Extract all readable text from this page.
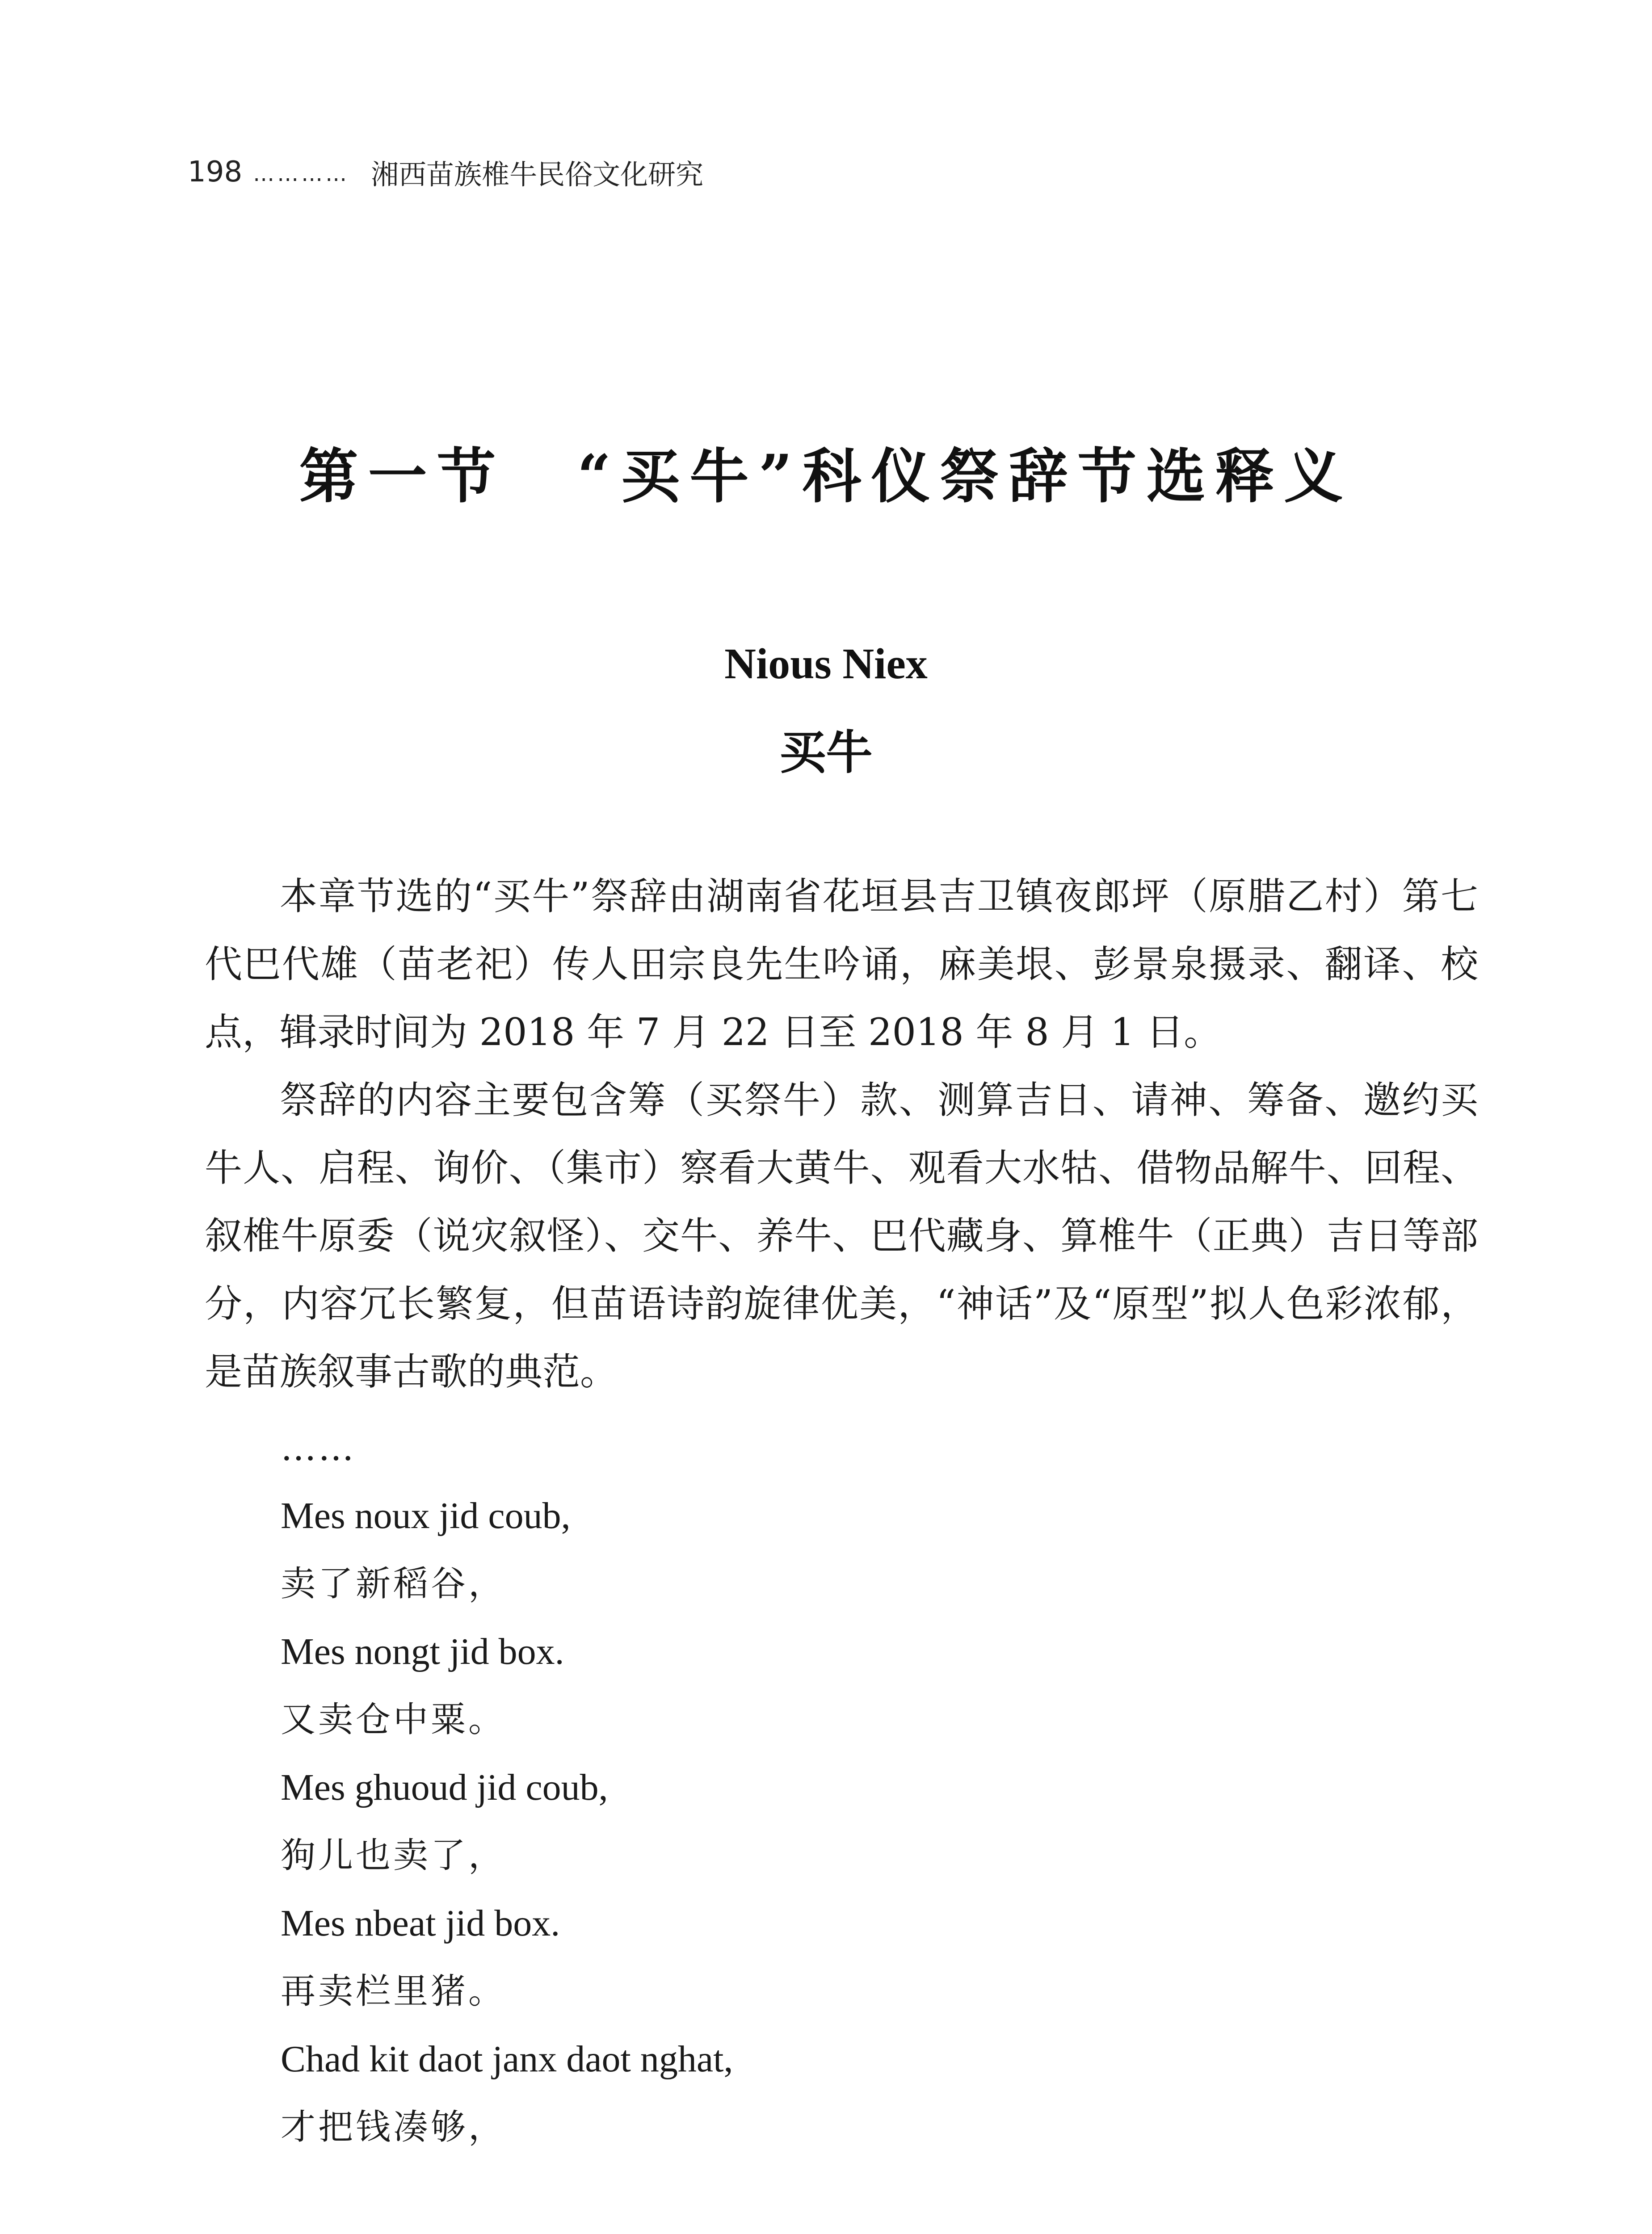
198 ………… 湘西苗族椎牛民俗文化研究
第一节 “买牛”科仪祭辞节选释义
Nious Niex
买牛

本章节选的“买牛”祭辞由湖南省花垣县吉卫镇夜郎坪（原腊乙村）第七代巴代雄（苗老祀）传人田宗良先生吟诵，麻美垠、彭景泉摄录、翻译、校点，辑录时间为 2018 年 7 月 22 日至 2018 年 8 月 1 日。

祭辞的内容主要包含筹（买祭牛）款、测算吉日、请神、筹备、邀约买牛人、启程、询价、（集市）察看大黄牛、观看大水牯、借物品解牛、回程、叙椎牛原委（说灾叙怪）、交牛、养牛、巴代藏身、算椎牛（正典）吉日等部分，内容冗长繁复，但苗语诗韵旋律优美，“神话”及“原型”拟人色彩浓郁，是苗族叙事古歌的典范。

……
Mes noux jid coub,
卖了新稻谷，
Mes nongt jid box.
又卖仓中粟。
Mes ghuoud jid coub,
狗儿也卖了，
Mes nbeat jid box.
再卖栏里猪。
Chad kit daot janx daot nghat,
才把钱凑够，
